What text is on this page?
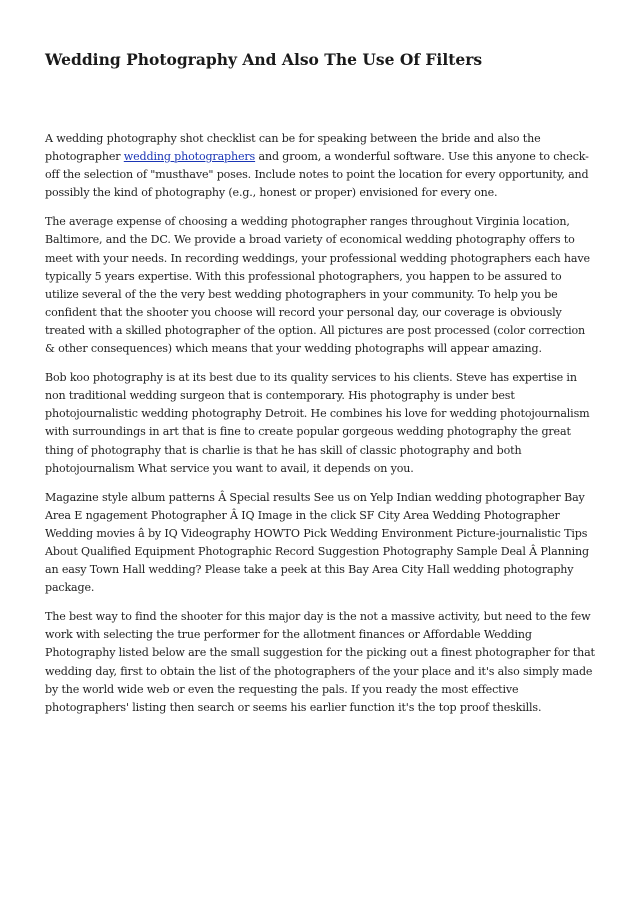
Wedding Photography And Also The Use Of Filters

A wedding photography shot checklist can be for speaking between the bride and also the photographer wedding photographers and groom, a wonderful software. Use this anyone to check-off the selection of "musthave" poses. Include notes to point the location for every opportunity, and possibly the kind of photography (e.g., honest or proper) envisioned for every one.

The average expense of choosing a wedding photographer ranges throughout Virginia location, Baltimore, and the DC. We provide a broad variety of economical wedding photography offers to meet with your needs. In recording weddings, your professional wedding photographers each have typically 5 years expertise. With this professional photographers, you happen to be assured to utilize several of the the very best wedding photographers in your community. To help you be confident that the shooter you choose will record your personal day, our coverage is obviously treated with a skilled photographer of the option. All pictures are post processed (color correction & other consequences) which means that your wedding photographs will appear amazing.

Bob koo photography is at its best due to its quality services to his clients. Steve has expertise in non traditional wedding surgeon that is contemporary. His photography is under best photojournalistic wedding photography Detroit. He combines his love for wedding photojournalism with surroundings in art that is fine to create popular gorgeous wedding photography the great thing of photography that is charlie is that he has skill of classic photography and both photojournalism What service you want to avail, it depends on you.

Magazine style album patterns Â Special results See us on Yelp Indian wedding photographer Bay Area E ngagement Photographer Â IQ Image in the click SF City Area Wedding Photographer Wedding movies â by IQ Videography HOWTO Pick Wedding Environment Picture-journalistic Tips About Qualified Equipment Photographic Record Suggestion Photography Sample Deal Â Planning an easy Town Hall wedding? Please take a peek at this Bay Area City Hall wedding photography package.

The best way to find the shooter for this major day is the not a massive activity, but need to the few work with selecting the true performer for the allotment finances or Affordable Wedding Photography listed below are the small suggestion for the picking out a finest photographer for that wedding day, first to obtain the list of the photographers of the your place and it's also simply made by the world wide web or even the requesting the pals. If you ready the most effective photographers' listing then search or seems his earlier function it's the top proof theskills.
